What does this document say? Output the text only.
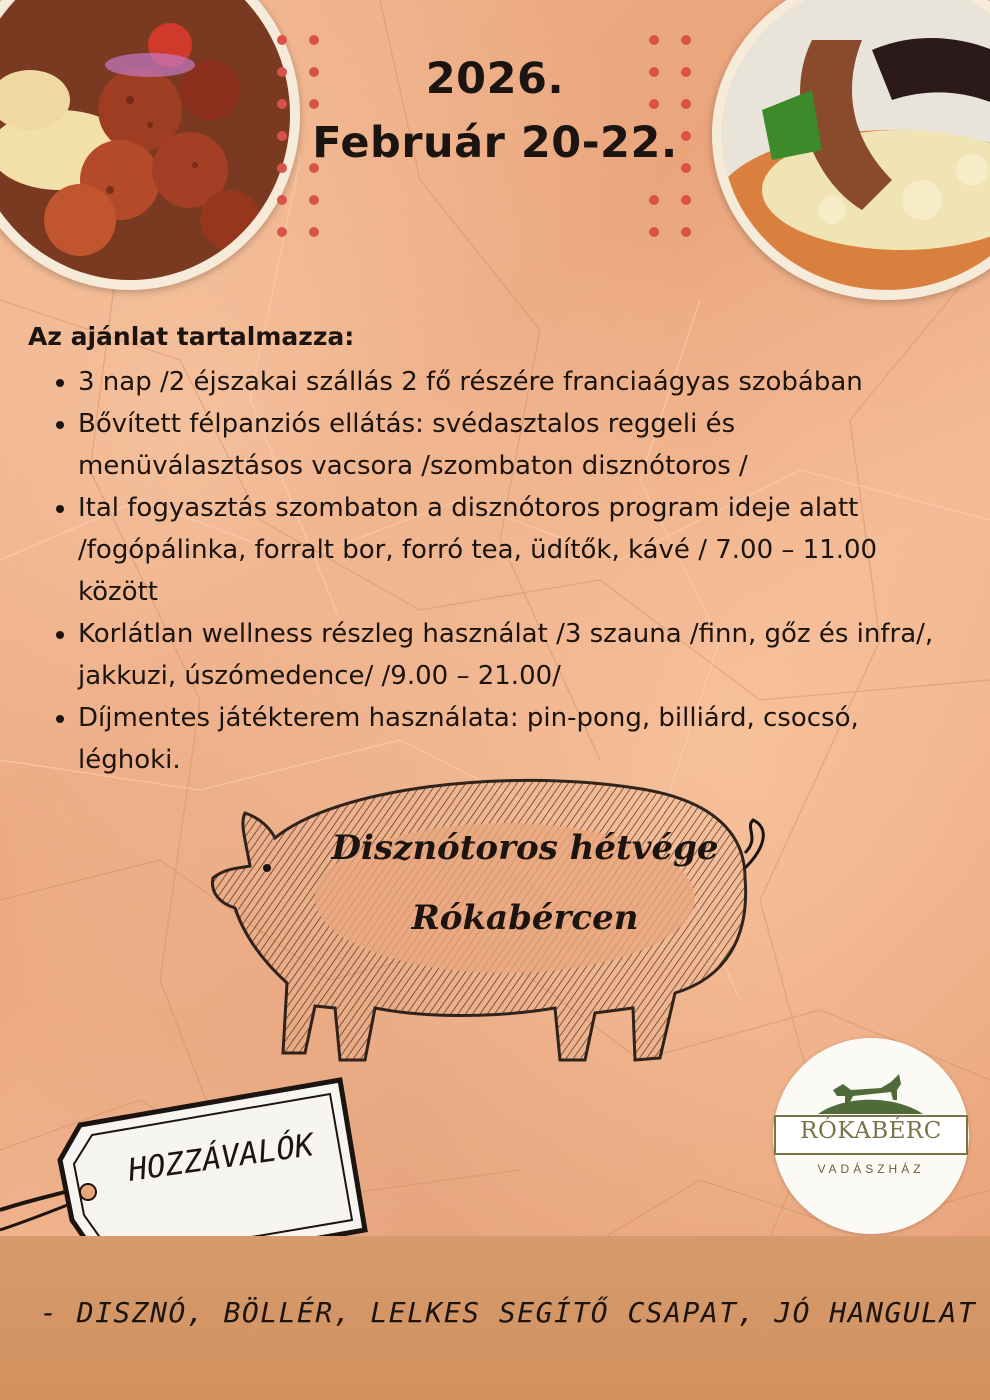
2026.
Február 20-22.

Az ajánlat tartalmazza:

• 3 nap /2 éjszakai szállás 2 fő részére franciaágyas szobában
• Bővített félpanziós ellátás: svédasztalos reggeli és menüválasztásos vacsora /szombaton disznótoros /
• Ital fogyasztás szombaton a disznótoros program ideje alatt /fogópálinka, forralt bor, forró tea, üdítők, kávé / 7.00 – 11.00 között
• Korlátlan wellness részleg használat /3 szauna /finn, gőz és infra/, jakkuzi, úszómedence/ /9.00 – 21.00/
• Díjmentes játékterem használata: pin-pong, billiárd, csocsó, léghoki.
Disznótoros hétvége
Rókabércen
HOZZÁVALÓK	RÓKABÉRC
VADÁSZHÁZ
- DISZNÓ, BÖLLÉR, LELKES SEGÍTŐ CSAPAT, JÓ HANGULAT
